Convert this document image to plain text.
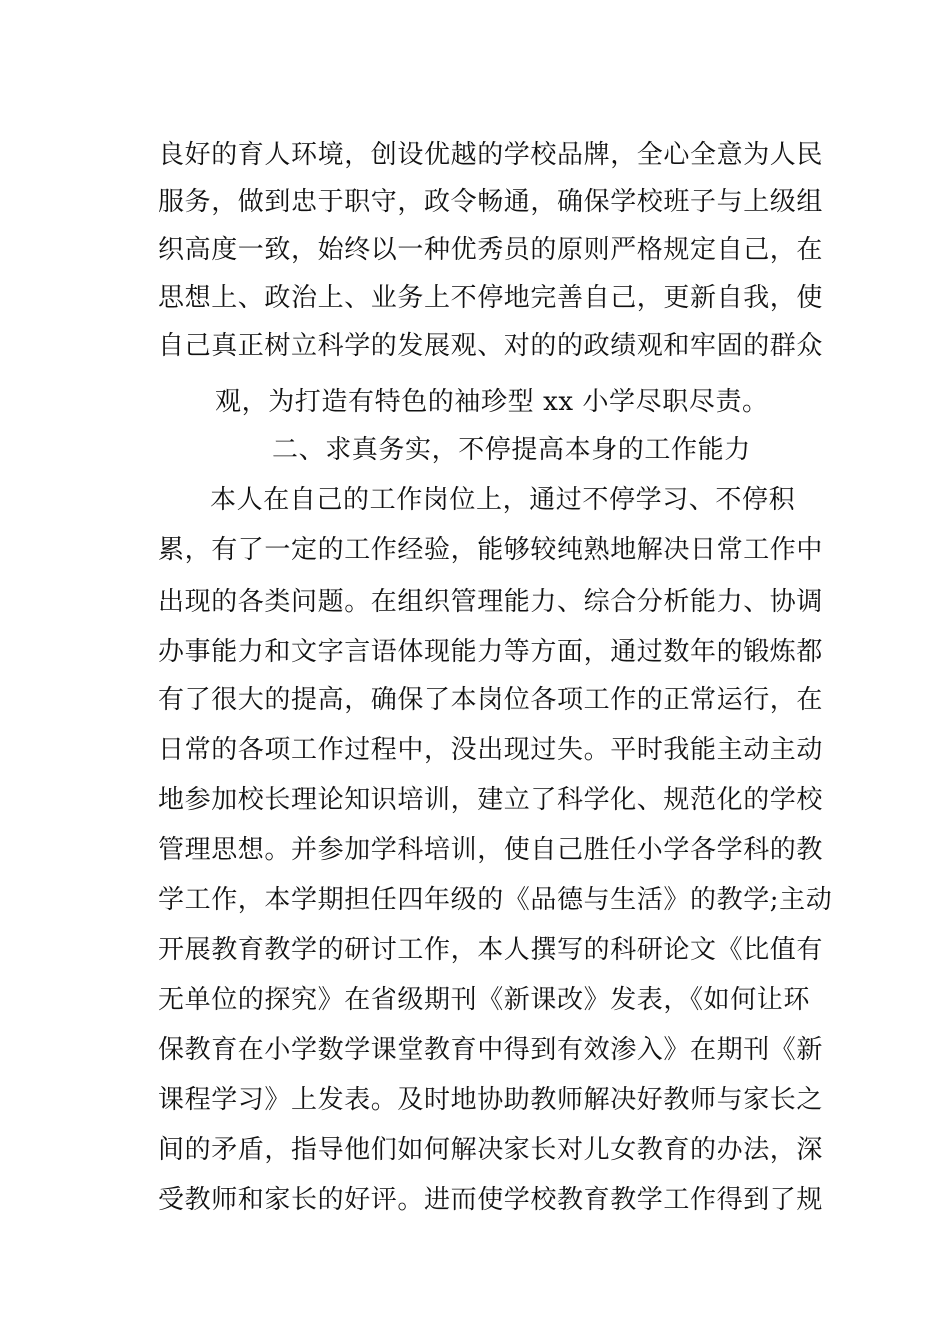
良好的育人环境，创设优越的学校品牌，全心全意为人民
服务，做到忠于职守，政令畅通，确保学校班子与上级组
织高度一致，始终以一种优秀员的原则严格规定自己，在
思想上、政治上、业务上不停地完善自己，更新自我，使
自己真正树立科学的发展观、对的的政绩观和牢固的群众
观，为打造有特色的袖珍型 xx 小学尽职尽责。
二、求真务实，不停提高本身的工作能力
本人在自己的工作岗位上，通过不停学习、不停积
累，有了一定的工作经验，能够较纯熟地解决日常工作中
出现的各类问题。在组织管理能力、综合分析能力、协调
办事能力和文字言语体现能力等方面，通过数年的锻炼都
有了很大的提高，确保了本岗位各项工作的正常运行，在
日常的各项工作过程中，没出现过失。平时我能主动主动
地参加校长理论知识培训，建立了科学化、规范化的学校
管理思想。并参加学科培训，使自己胜任小学各学科的教
学工作，本学期担任四年级的《品德与生活》的教学;主动
开展教育教学的研讨工作，本人撰写的科研论文《比值有
无单位的探究》在省级期刊《新课改》发表，《如何让环
保教育在小学数学课堂教育中得到有效渗入》在期刊《新
课程学习》上发表。及时地协助教师解决好教师与家长之
间的矛盾，指导他们如何解决家长对儿女教育的办法，深
受教师和家长的好评。进而使学校教育教学工作得到了规
